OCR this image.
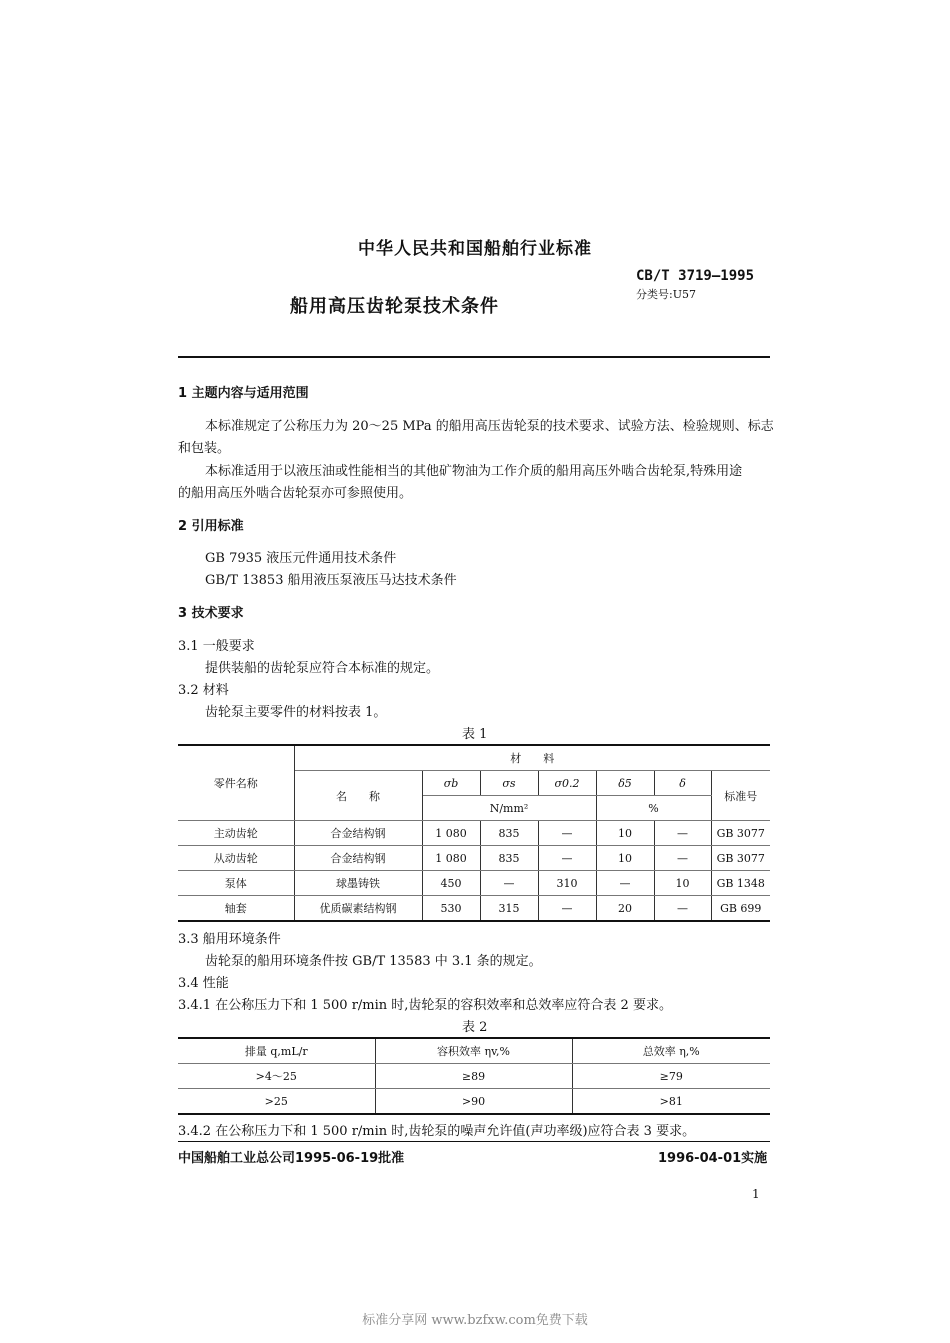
中华人民共和国船舶行业标准
CB/T 3719—1995
分类号:U57
船用高压齿轮泵技术条件
1 主题内容与适用范围
本标准规定了公称压力为 20～25 MPa 的船用高压齿轮泵的技术要求、试验方法、检验规则、标志
和包装。
本标准适用于以液压油或性能相当的其他矿物油为工作介质的船用高压外啮合齿轮泵,特殊用途
的船用高压外啮合齿轮泵亦可参照使用。
2 引用标准
GB 7935 液压元件通用技术条件
GB/T 13853 船用液压泵液压马达技术条件
3 技术要求
3.1 一般要求
提供装船的齿轮泵应符合本标准的规定。
3.2 材料
齿轮泵主要零件的材料按表 1。
表 1
零件名称	材　　料						
	名　　称	σb	σs	σ0.2	δ5	δ	标准号
		N/mm²			%		
主动齿轮	合金结构钢	1 080	835	—	10	—	GB 3077
从动齿轮	合金结构钢	1 080	835	—	10	—	GB 3077
泵体	球墨铸铁	450	—	310	—	10	GB 1348
轴套	优质碳素结构钢	530	315	—	20	—	GB 699
3.3 船用环境条件
齿轮泵的船用环境条件按 GB/T 13583 中 3.1 条的规定。
3.4 性能
3.4.1 在公称压力下和 1 500 r/min 时,齿轮泵的容积效率和总效率应符合表 2 要求。
表 2
排量 q,mL/r	容积效率 ηv,%	总效率 η,%
>4～25	≥89	≥79
>25	>90	>81
3.4.2 在公称压力下和 1 500 r/min 时,齿轮泵的噪声允许值(声功率级)应符合表 3 要求。
中国船舶工业总公司1995-06-19批准	1996-04-01实施
1
标准分享网 www.bzfxw.com免费下载
